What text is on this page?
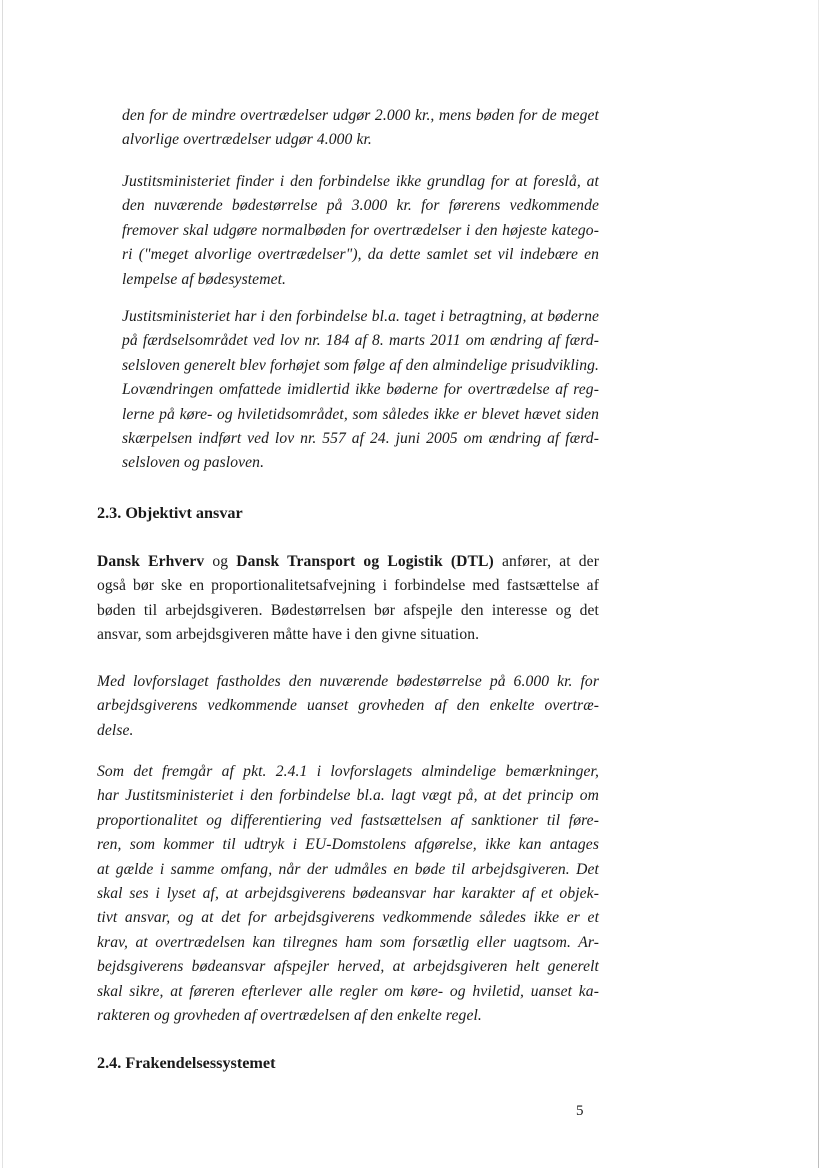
den for de mindre overtrædelser udgør 2.000 kr., mens bøden for de meget
alvorlige overtrædelser udgør 4.000 kr.
Justitsministeriet finder i den forbindelse ikke grundlag for at foreslå, at
den nuværende bødestørrelse på 3.000 kr. for førerens vedkommende
fremover skal udgøre normalbøden for overtrædelser i den højeste katego-
ri ("meget alvorlige overtrædelser"), da dette samlet set vil indebære en
lempelse af bødesystemet.
Justitsministeriet har i den forbindelse bl.a. taget i betragtning, at bøderne
på færdselsområdet ved lov nr. 184 af 8. marts 2011 om ændring af færd-
selsloven generelt blev forhøjet som følge af den almindelige prisudvikling.
Lovændringen omfattede imidlertid ikke bøderne for overtrædelse af reg-
lerne på køre- og hviletidsområdet, som således ikke er blevet hævet siden
skærpelsen indført ved lov nr. 557 af 24. juni 2005 om ændring af færd-
selsloven og pasloven.
2.3. Objektivt ansvar
Dansk Erhverv og Dansk Transport og Logistik (DTL) anfører, at der
også bør ske en proportionalitetsafvejning i forbindelse med fastsættelse af
bøden til arbejdsgiveren. Bødestørrelsen bør afspejle den interesse og det
ansvar, som arbejdsgiveren måtte have i den givne situation.
Med lovforslaget fastholdes den nuværende bødestørrelse på 6.000 kr. for
arbejdsgiverens vedkommende uanset grovheden af den enkelte overtræ-
delse.
Som det fremgår af pkt. 2.4.1 i lovforslagets almindelige bemærkninger,
har Justitsministeriet i den forbindelse bl.a. lagt vægt på, at det princip om
proportionalitet og differentiering ved fastsættelsen af sanktioner til føre-
ren, som kommer til udtryk i EU-Domstolens afgørelse, ikke kan antages
at gælde i samme omfang, når der udmåles en bøde til arbejdsgiveren. Det
skal ses i lyset af, at arbejdsgiverens bødeansvar har karakter af et objek-
tivt ansvar, og at det for arbejdsgiverens vedkommende således ikke er et
krav, at overtrædelsen kan tilregnes ham som forsætlig eller uagtsom. Ar-
bejdsgiverens bødeansvar afspejler herved, at arbejdsgiveren helt generelt
skal sikre, at føreren efterlever alle regler om køre- og hviletid, uanset ka-
rakteren og grovheden af overtrædelsen af den enkelte regel.
2.4. Frakendelsessystemet
5
